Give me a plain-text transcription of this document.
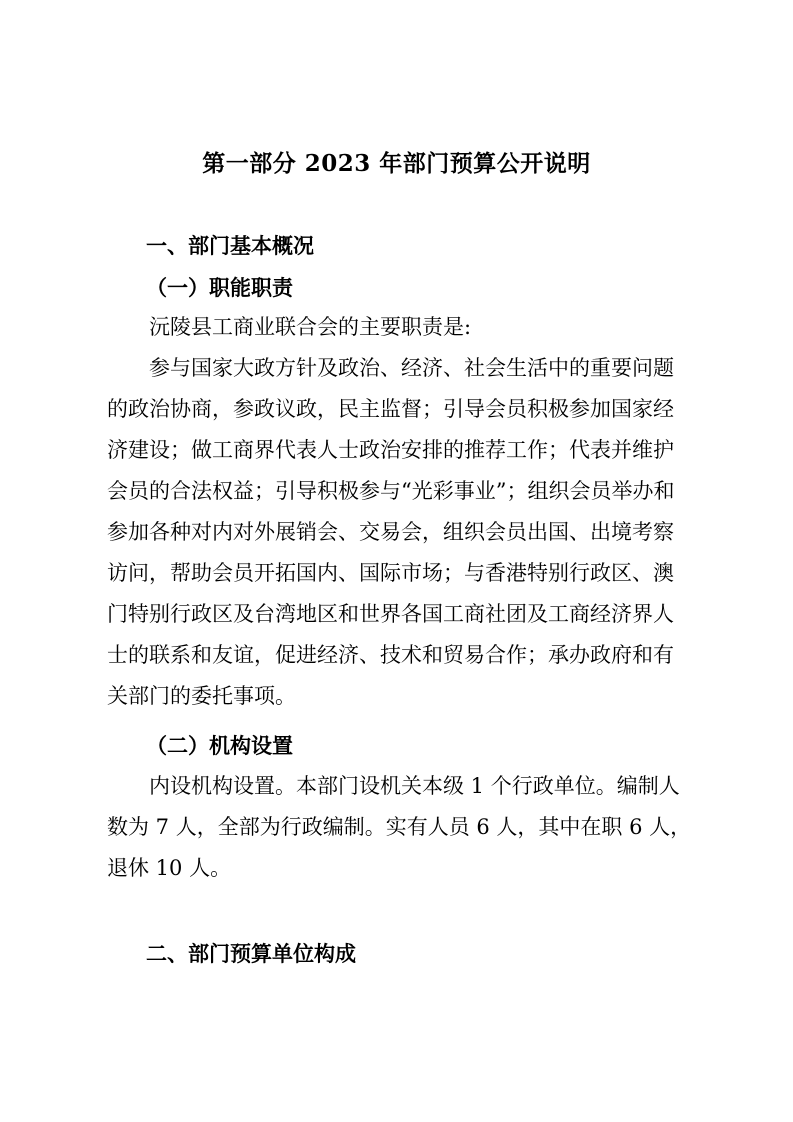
第一部分 2023 年部门预算公开说明
一、部门基本概况
（一）职能职责
沅陵县工商业联合会的主要职责是:
参与国家大政方针及政治、经济、社会生活中的重要问题
的政治协商，参政议政，民主监督；引导会员积极参加国家经
济建设；做工商界代表人士政治安排的推荐工作；代表并维护
会员的合法权益；引导积极参与“光彩事业”；组织会员举办和
参加各种对内对外展销会、交易会，组织会员出国、出境考察
访问，帮助会员开拓国内、国际市场；与香港特别行政区、澳
门特别行政区及台湾地区和世界各国工商社团及工商经济界人
士的联系和友谊，促进经济、技术和贸易合作；承办政府和有
关部门的委托事项。
（二）机构设置
内设机构设置。本部门设机关本级 1 个行政单位。编制人
数为 7 人，全部为行政编制。实有人员 6 人，其中在职 6 人，
退休 10 人。
二、部门预算单位构成
